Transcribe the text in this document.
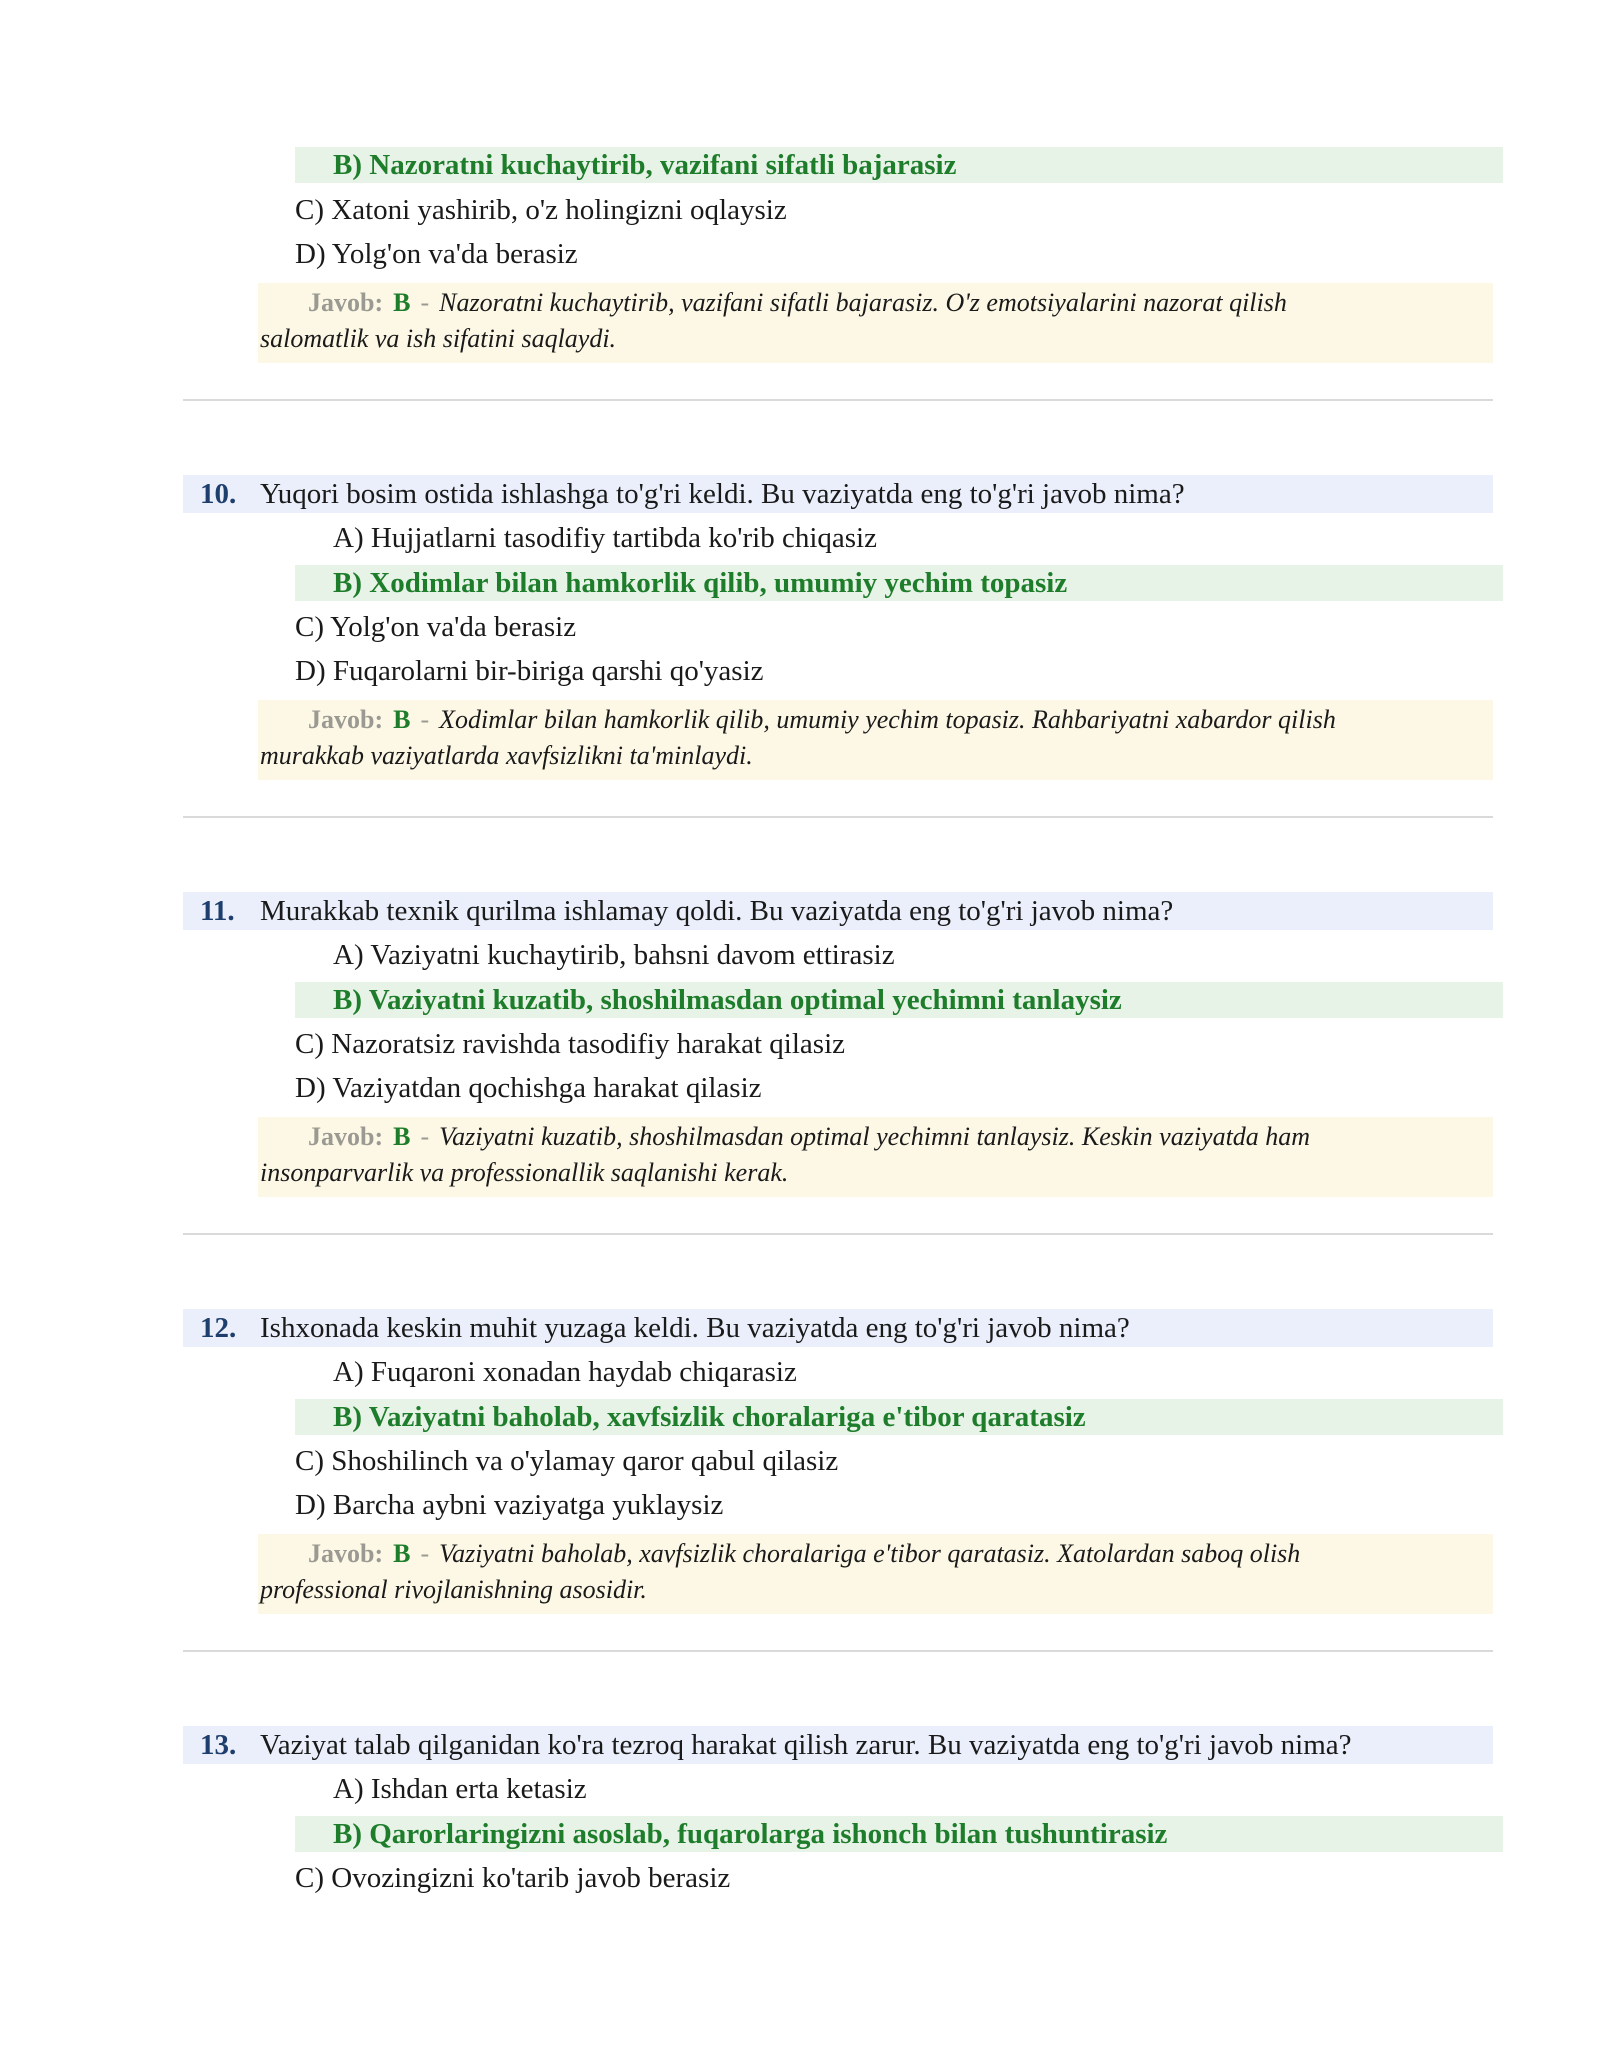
B) Nazoratni kuchaytirib, vazifani sifatli bajarasiz
C) Xatoni yashirib, o'z holingizni oqlaysiz
D) Yolg'on va'da berasiz
Javob: B - Nazoratni kuchaytirib, vazifani sifatli bajarasiz. O'z emotsiyalarini nazorat qilish
salomatlik va ish sifatini saqlaydi.
10. Yuqori bosim ostida ishlashga to'g'ri keldi. Bu vaziyatda eng to'g'ri javob nima?
A) Hujjatlarni tasodifiy tartibda ko'rib chiqasiz
B) Xodimlar bilan hamkorlik qilib, umumiy yechim topasiz
C) Yolg'on va'da berasiz
D) Fuqarolarni bir-biriga qarshi qo'yasiz
Javob: B - Xodimlar bilan hamkorlik qilib, umumiy yechim topasiz. Rahbariyatni xabardor qilish
murakkab vaziyatlarda xavfsizlikni ta'minlaydi.
11. Murakkab texnik qurilma ishlamay qoldi. Bu vaziyatda eng to'g'ri javob nima?
A) Vaziyatni kuchaytirib, bahsni davom ettirasiz
B) Vaziyatni kuzatib, shoshilmasdan optimal yechimni tanlaysiz
C) Nazoratsiz ravishda tasodifiy harakat qilasiz
D) Vaziyatdan qochishga harakat qilasiz
Javob: B - Vaziyatni kuzatib, shoshilmasdan optimal yechimni tanlaysiz. Keskin vaziyatda ham
insonparvarlik va professionallik saqlanishi kerak.
12. Ishxonada keskin muhit yuzaga keldi. Bu vaziyatda eng to'g'ri javob nima?
A) Fuqaroni xonadan haydab chiqarasiz
B) Vaziyatni baholab, xavfsizlik choralariga e'tibor qaratasiz
C) Shoshilinch va o'ylamay qaror qabul qilasiz
D) Barcha aybni vaziyatga yuklaysiz
Javob: B - Vaziyatni baholab, xavfsizlik choralariga e'tibor qaratasiz. Xatolardan saboq olish
professional rivojlanishning asosidir.
13. Vaziyat talab qilganidan ko'ra tezroq harakat qilish zarur. Bu vaziyatda eng to'g'ri javob nima?
A) Ishdan erta ketasiz
B) Qarorlaringizni asoslab, fuqarolarga ishonch bilan tushuntirasiz
C) Ovozingizni ko'tarib javob berasiz
